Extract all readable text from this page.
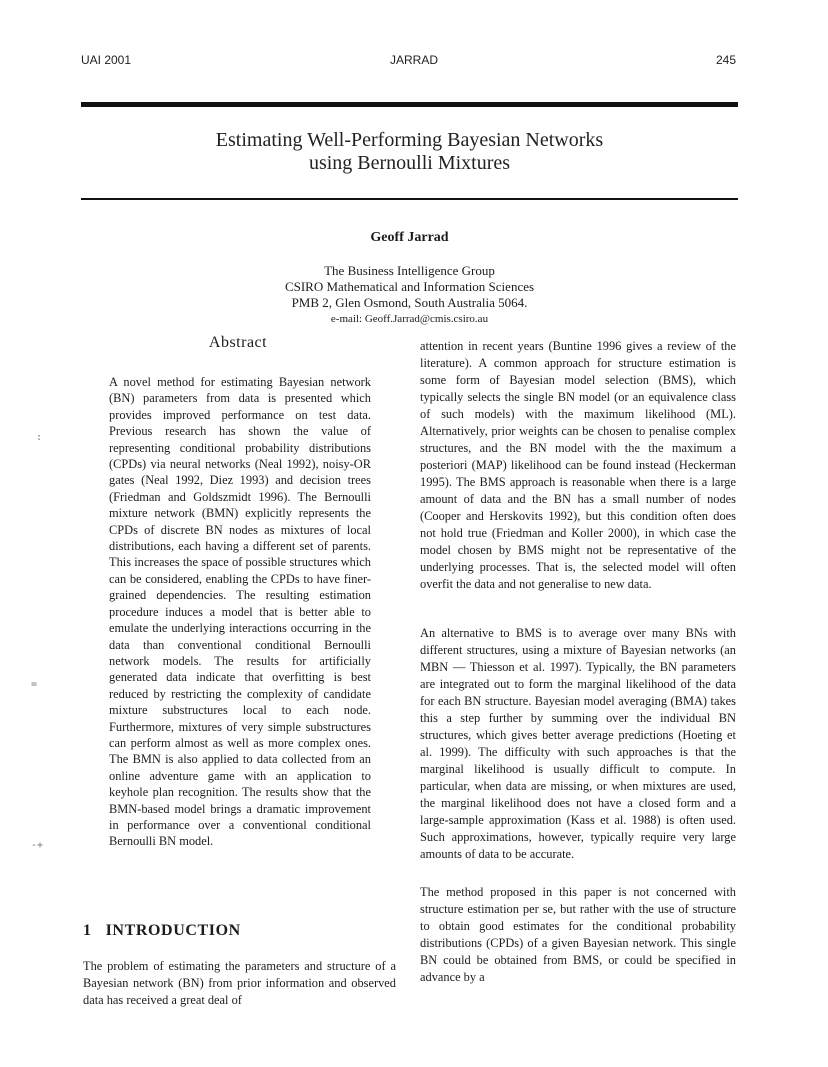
UAI 2001	JARRAD	245
Estimating Well-Performing Bayesian Networks
using Bernoulli Mixtures
Geoff Jarrad
The Business Intelligence Group
CSIRO Mathematical and Information Sciences
PMB 2, Glen Osmond, South Australia 5064.
e-mail: Geoff.Jarrad@cmis.csiro.au
Abstract

A novel method for estimating Bayesian network (BN) parameters from data is presented which provides improved performance on test data. Previous research has shown the value of representing conditional probability distributions (CPDs) via neural networks (Neal 1992), noisy-OR gates (Neal 1992, Diez 1993) and decision trees (Friedman and Goldszmidt 1996). The Bernoulli mixture network (BMN) explicitly represents the CPDs of discrete BN nodes as mixtures of local distributions, each having a different set of parents. This increases the space of possible structures which can be considered, enabling the CPDs to have finer-grained dependencies. The resulting estimation procedure induces a model that is better able to emulate the underlying interactions occurring in the data than conventional conditional Bernoulli network models. The results for artificially generated data indicate that overfitting is best reduced by restricting the complexity of candidate mixture substructures local to each node. Furthermore, mixtures of very simple substructures can perform almost as well as more complex ones. The BMN is also applied to data collected from an online adventure game with an application to keyhole plan recognition. The results show that the BMN-based model brings a dramatic improvement in performance over a conventional conditional Bernoulli BN model.

1 INTRODUCTION

The problem of estimating the parameters and structure of a Bayesian network (BN) from prior information and observed data has received a great deal of

attention in recent years (Buntine 1996 gives a review of the literature). A common approach for structure estimation is some form of Bayesian model selection (BMS), which typically selects the single BN model (or an equivalence class of such models) with the maximum likelihood (ML). Alternatively, prior weights can be chosen to penalise complex structures, and the BN model with the the maximum a posteriori (MAP) likelihood can be found instead (Heckerman 1995). The BMS approach is reasonable when there is a large amount of data and the BN has a small number of nodes (Cooper and Herskovits 1992), but this condition often does not hold true (Friedman and Koller 2000), in which case the model chosen by BMS might not be representative of the underlying processes. That is, the selected model will often overfit the data and not generalise to new data.

An alternative to BMS is to average over many BNs with different structures, using a mixture of Bayesian networks (an MBN — Thiesson et al. 1997). Typically, the BN parameters are integrated out to form the marginal likelihood of the data for each BN structure. Bayesian model averaging (BMA) takes this a step further by summing over the individual BN structures, which gives better average predictions (Hoeting et al. 1999). The difficulty with such approaches is that the marginal likelihood is usually difficult to compute. In particular, when data are missing, or when mixtures are used, the marginal likelihood does not have a closed form and a large-sample approximation (Kass et al. 1988) is often used. Such approximations, however, typically require very large amounts of data to be accurate.

The method proposed in this paper is not concerned with structure estimation per se, but rather with the use of structure to obtain good estimates for the conditional probability distributions (CPDs) of a given Bayesian network. This single BN could be obtained from BMS, or could be specified in advance by a

:
=
-+
